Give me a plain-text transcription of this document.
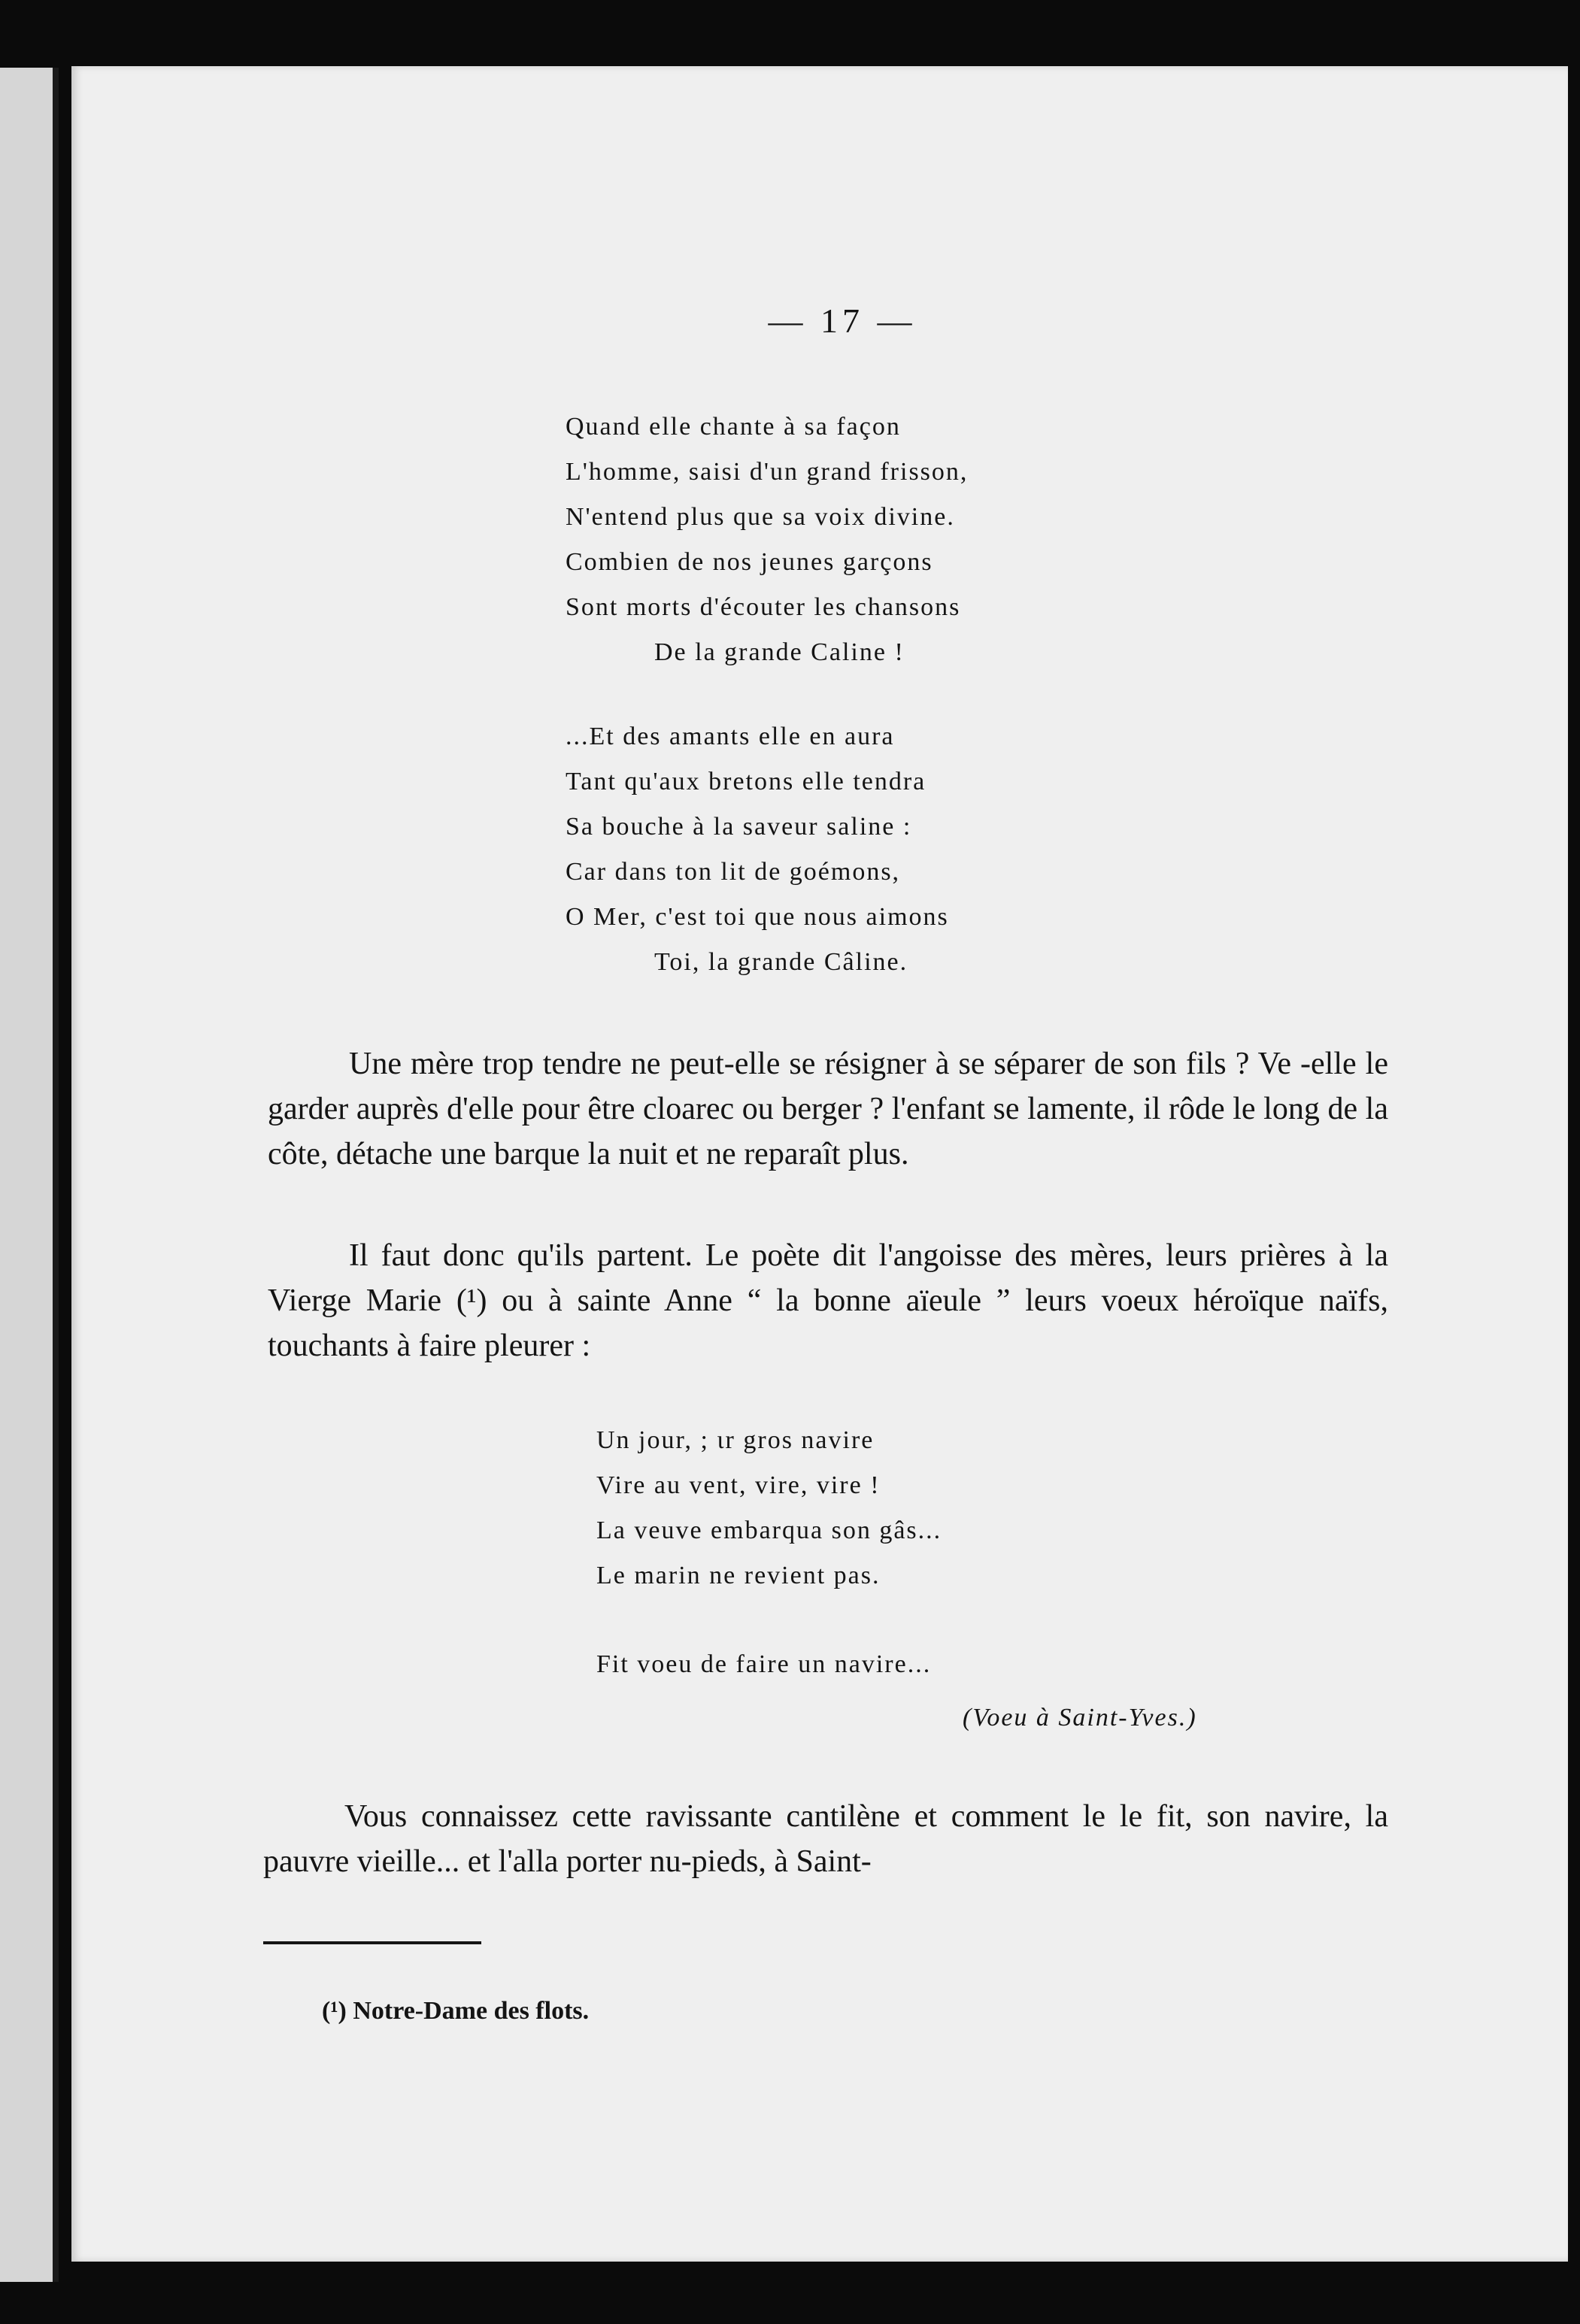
— 17 —
Quand elle chante à sa façon
L'homme, saisi d'un grand frisson,
N'entend plus que sa voix divine.
Combien de nos jeunes garçons
Sont morts d'écouter les chansons
De la grande Caline !
...Et des amants elle en aura
Tant qu'aux bretons elle tendra
Sa bouche à la saveur saline :
Car dans ton lit de goémons,
O Mer, c'est toi que nous aimons
Toi, la grande Câline.

Une mère trop tendre ne peut-elle se résigner à se séparer de son fils ? Ve -elle le garder auprès d'elle pour être cloarec ou berger ? l'enfant se lamente, il rôde le long de la côte, détache une barque la nuit et ne reparaît plus.

Il faut donc qu'ils partent. Le poète dit l'angoisse des mères, leurs prières à la Vierge Marie (¹) ou à sainte Anne “ la bonne aïeule ” leurs voeux héroïque naïfs, touchants à faire pleurer :

Un jour, ; ɩr gros navire
Vire au vent, vire, vire !
La veuve embarqua son gâs...
Le marin ne revient pas.
Fit voeu de faire un navire...
(Voeu à Saint-Yves.)

Vous connaissez cette ravissante cantilène et comment le le fit, son navire, la pauvre vieille... et l'alla porter nu-pieds, à Saint-

(¹) Notre-Dame des flots.
